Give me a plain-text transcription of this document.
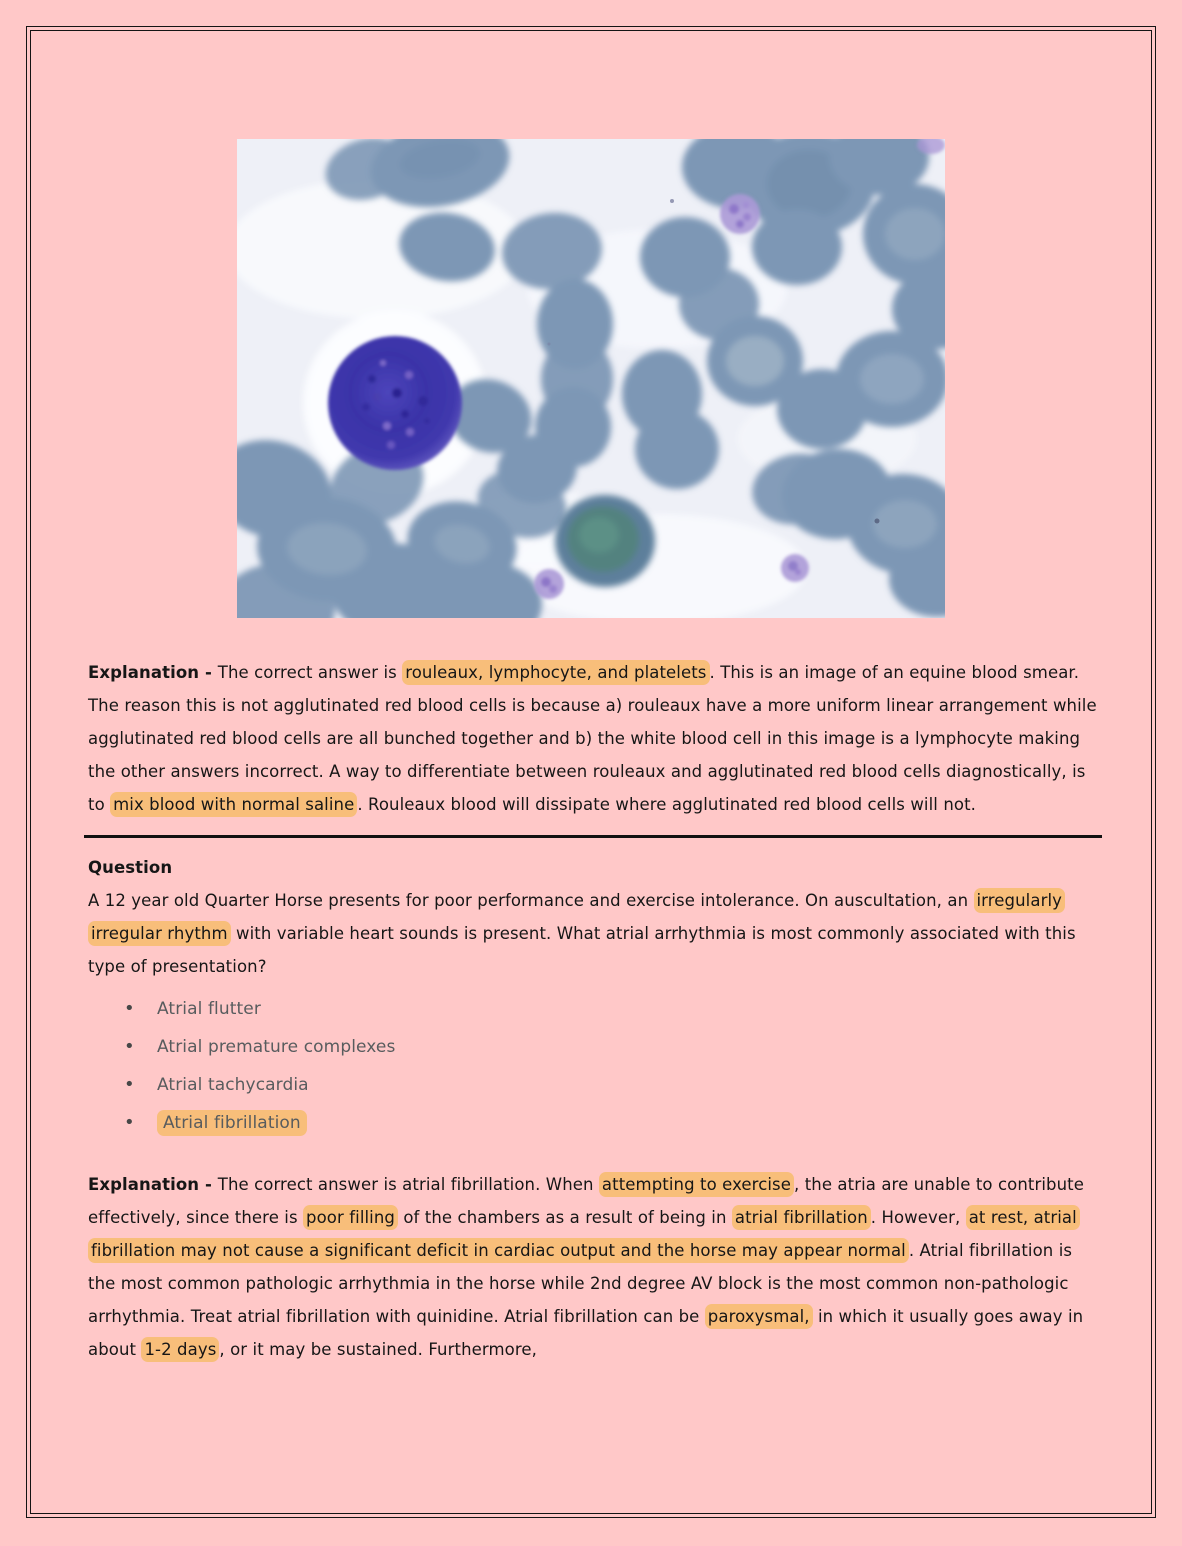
Explanation - The correct answer is rouleaux, lymphocyte, and platelets . This is an image of an equine blood smear. The reason this is not agglutinated red blood cells is because a) rouleaux have a more uniform linear arrangement while agglutinated red blood cells are all bunched together and b) the white blood cell in this image is a lymphocyte making the other answers incorrect. A way to differentiate between rouleaux and agglutinated red blood cells diagnostically, is to mix blood with normal saline . Rouleaux blood will dissipate where agglutinated red blood cells will not.

Question

A 12 year old Quarter Horse presents for poor performance and exercise intolerance. On auscultation, an irregularly irregular rhythm with variable heart sounds is present. What atrial arrhythmia is most commonly associated with this type of presentation?

• Atrial flutter
• Atrial premature complexes
• Atrial tachycardia
• Atrial fibrillation

Explanation - The correct answer is atrial fibrillation. When attempting to exercise , the atria are unable to contribute effectively, since there is poor filling of the chambers as a result of being in atrial fibrillation . However, at rest, atrial fibrillation may not cause a significant deficit in cardiac output and the horse may appear normal . Atrial fibrillation is the most common pathologic arrhythmia in the horse while 2nd degree AV block is the most common non-pathologic arrhythmia. Treat atrial fibrillation with quinidine. Atrial fibrillation can be paroxysmal, in which it usually goes away in about 1-2 days , or it may be sustained. Furthermore,
